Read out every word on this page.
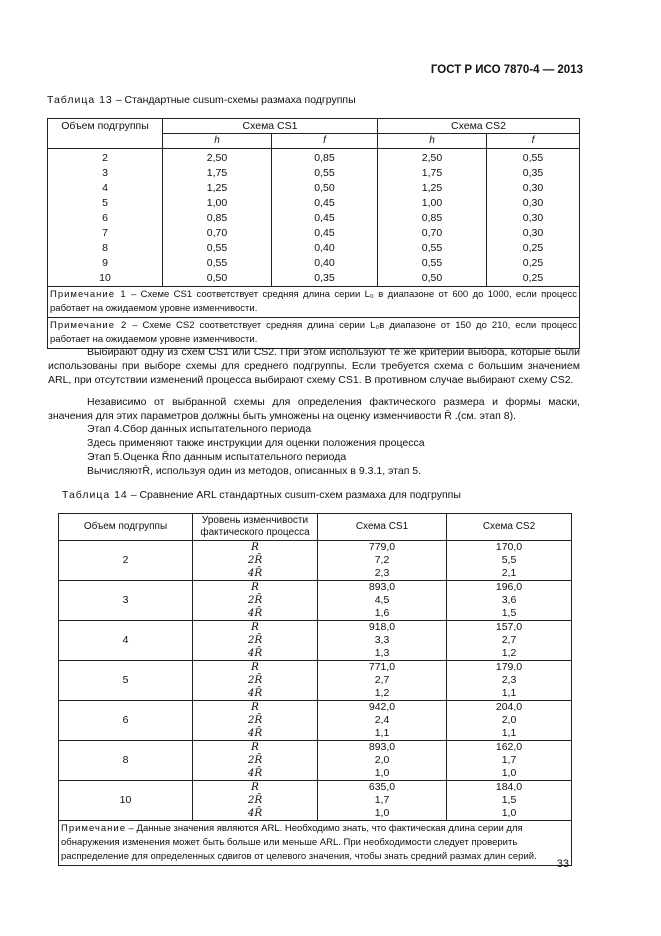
ГОСТ Р ИСО 7870-4 — 2013
Таблица 13 – Стандартные cusum-схемы размаха подгруппы
Объем подгруппы	Схема CS1		Схема CS2	
	h	f	h	f
2	2,50	0,85	2,50	0,55
3	1,75	0,55	1,75	0,35
4	1,25	0,50	1,25	0,30
5	1,00	0,45	1,00	0,30
6	0,85	0,45	0,85	0,30
7	0,70	0,45	0,70	0,30
8	0,55	0,40	0,55	0,25
9	0,55	0,40	0,55	0,25
10	0,50	0,35	0,50	0,25
Примечание 1 – Схеме CS1 соответствует средняя длина серии L₀ в диапазоне от 600 до 1000, если процесс работает на ожидаемом уровне изменчивости.				
Примечание 2 – Схеме CS2 соответствует средняя длина серии L₀в диапазоне от 150 до 210, если процесс работает на ожидаемом уровне изменчивости.				
Выбирают одну из схем CS1 или CS2. При этом используют те же критерии выбора, которые были использованы при выборе схемы для среднего подгруппы. Если требуется схема с большим значением ARL, при отсутствии изменений процесса выбирают схему CS1. В противном случае выбирают схему CS2.
Независимо от выбранной схемы для определения фактического размера и формы маски, значения для этих параметров должны быть умножены на оценку изменчивости R̄ .(см. этап 8).
Этап 4.Сбор данных испытательного периода
Здесь применяют также инструкции для оценки положения процесса
Этап 5.Оценка R̄по данным испытательного периода
ВычисляютR̄, используя один из методов, описанных в 9.3.1, этап 5.
Таблица 14 – Сравнение ARL стандартных cusum-схем размаха для подгруппы
Объем подгруппы	Уровень изменчивости фактического процесса	Схема CS1	Схема CS2
2	R̄	779,0	170,0
	2R̄	7,2	5,5
	4R̄	2,3	2,1
3	R̄	893,0	196,0
	2R̄	4,5	3,6
	4R̄	1,6	1,5
4	R̄	918,0	157,0
	2R̄	3,3	2,7
	4R̄	1,3	1,2
5	R̄	771,0	179,0
	2R̄	2,7	2,3
	4R̄	1,2	1,1
6	R̄	942,0	204,0
	2R̄	2,4	2,0
	4R̄	1,1	1,1
8	R̄	893,0	162,0
	2R̄	2,0	1,7
	4R̄	1,0	1,0
10	R̄	635,0	184,0
	2R̄	1,7	1,5
	4R̄	1,0	1,0
Примечание – Данные значения являются ARL. Необходимо знать, что фактическая длина серии для обнаружения изменения может быть больше или меньше ARL. При необходимости следует проверить распределение для определенных сдвигов от целевого значения, чтобы знать средний размах длин серий.			
33
